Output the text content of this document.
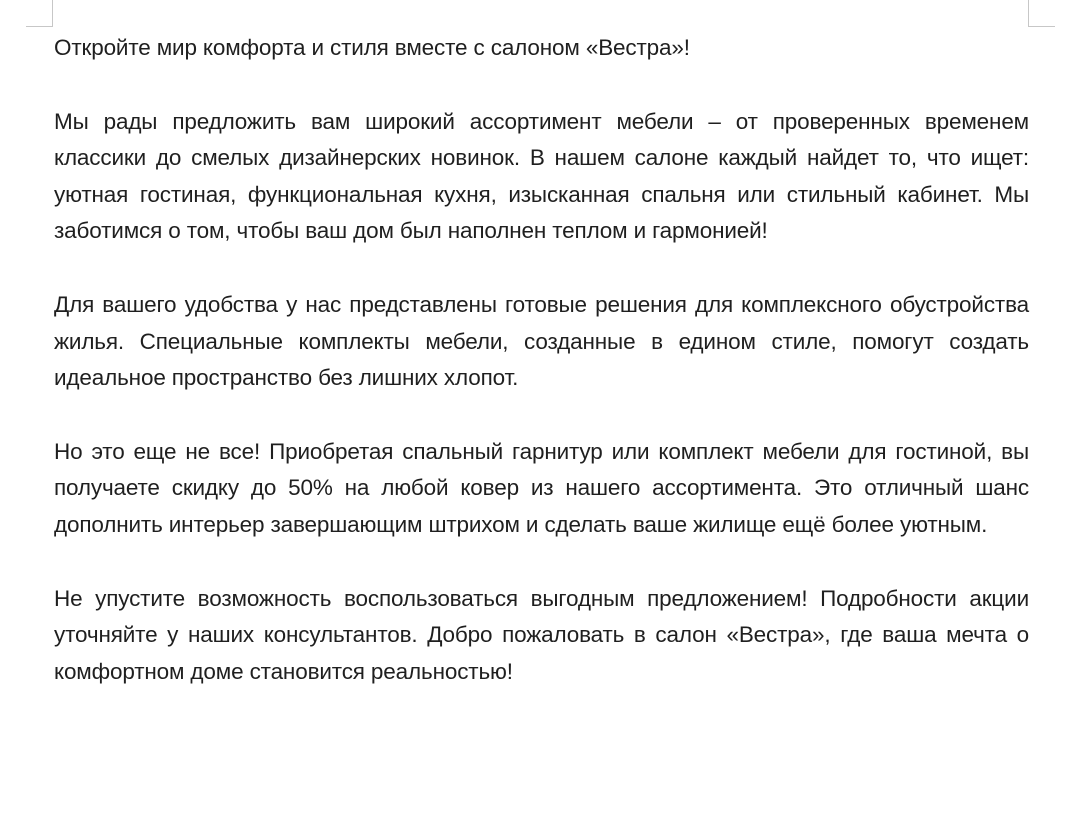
Откройте мир комфорта и стиля вместе с салоном «Вестра»!

Мы рады предложить вам широкий ассортимент мебели – от проверенных временем классики до смелых дизайнерских новинок. В нашем салоне каждый найдет то, что ищет: уютная гостиная, функциональная кухня, изысканная спальня или стильный кабинет. Мы заботимся о том, чтобы ваш дом был наполнен теплом и гармонией!

Для вашего удобства у нас представлены готовые решения для комплексного обустройства жилья. Специальные комплекты мебели, созданные в едином стиле, помогут создать идеальное пространство без лишних хлопот.

Но это еще не все! Приобретая спальный гарнитур или комплект мебели для гостиной, вы получаете скидку до 50% на любой ковер из нашего ассортимента. Это отличный шанс дополнить интерьер завершающим штрихом и сделать ваше жилище ещё более уютным.

Не упустите возможность воспользоваться выгодным предложением! Подробности акции уточняйте у наших консультантов. Добро пожаловать в салон «Вестра», где ваша мечта о комфортном доме становится реальностью!
